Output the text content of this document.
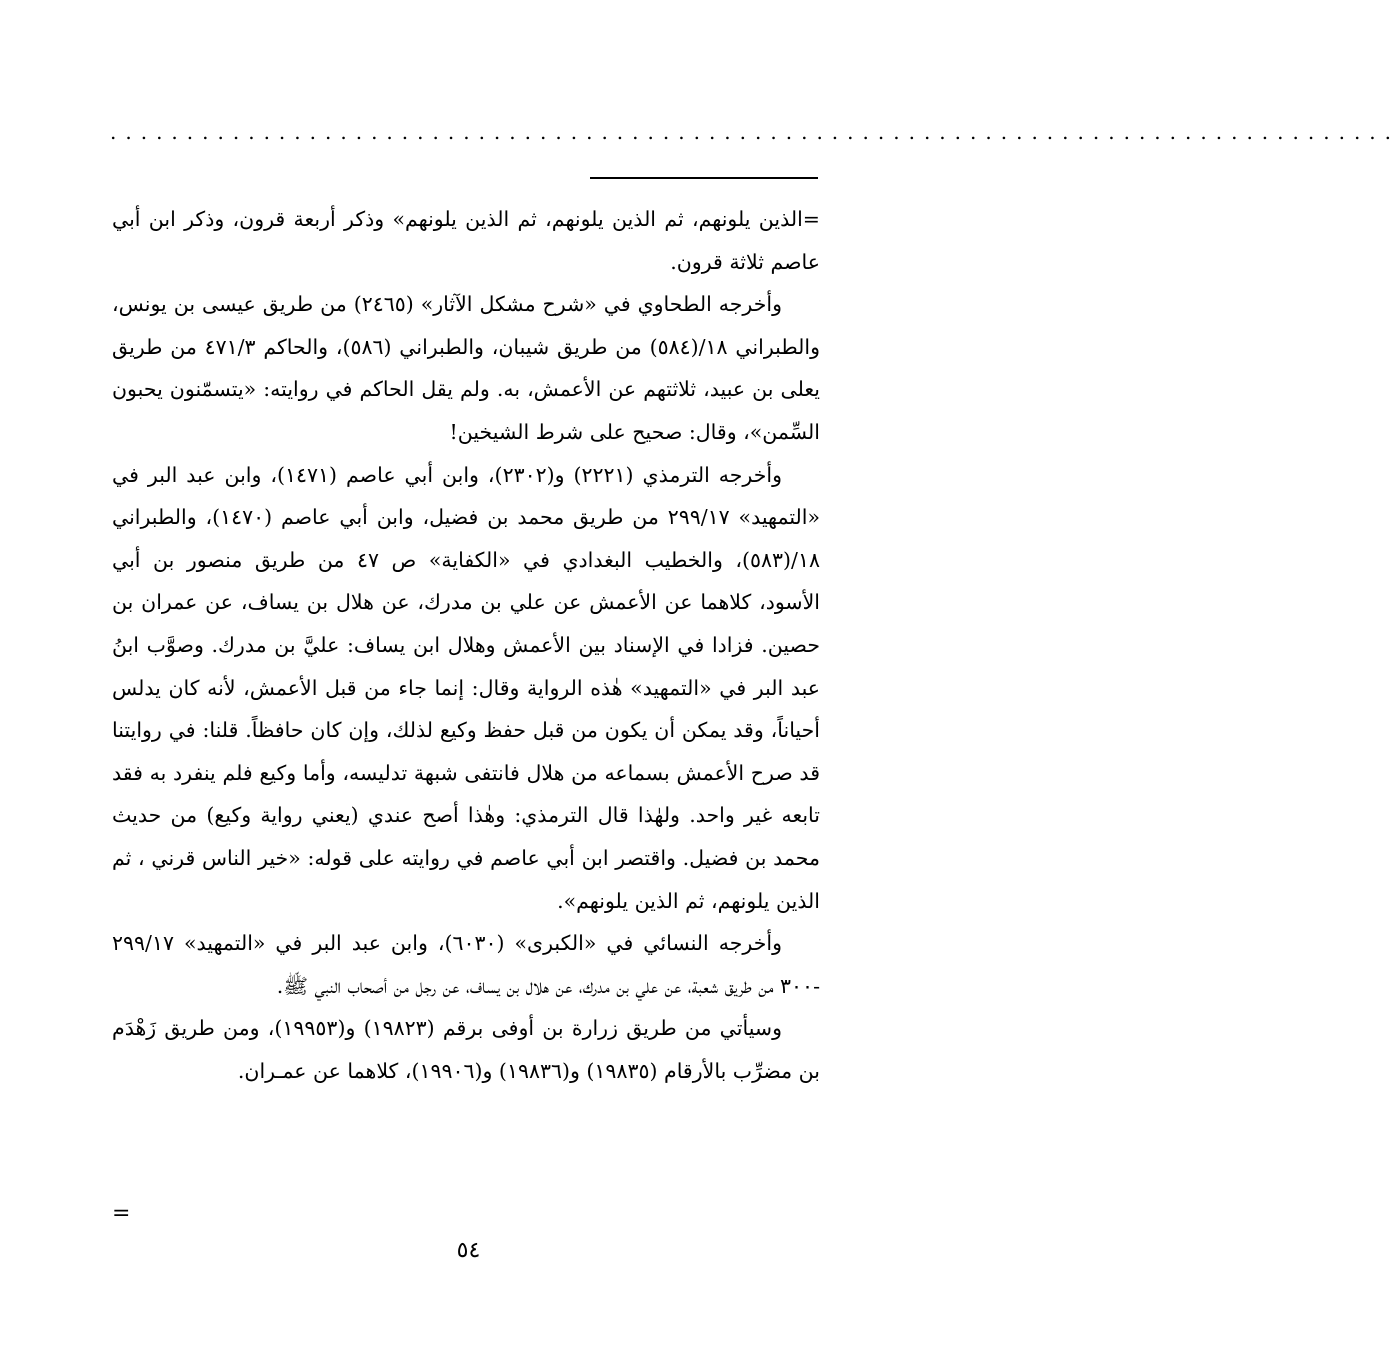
....................................................................................

=الذين يلونهم، ثم الذين يلونهم، ثم الذين يلونهم» وذكر أربعة قرون، وذكر ابن أبي عاصم ثلاثة قرون.

وأخرجه الطحاوي في «شرح مشكل الآثار» (٢٤٦٥) من طريق عيسى بن يونس، والطبراني ١٨/(٥٨٤) من طريق شيبان، والطبراني (٥٨٦)، والحاكم ٤٧١/٣ من طريق يعلى بن عبيد، ثلاثتهم عن الأعمش، به. ولم يقل الحاكم في روايته: «يتسمّنون يحبون السِّمن»، وقال: صحيح على شرط الشيخين!

وأخرجه الترمذي (٢٢٢١) و(٢٣٠٢)، وابن أبي عاصم (١٤٧١)، وابن عبد البر في «التمهيد» ٢٩٩/١٧ من طريق محمد بن فضيل، وابن أبي عاصم (١٤٧٠)، والطبراني ١٨/(٥٨٣)، والخطيب البغدادي في «الكفاية» ص ٤٧ من طريق منصور بن أبي الأسود، كلاهما عن الأعمش عن علي بن مدرك، عن هلال بن يساف، عن عمران بن حصين. فزادا في الإسناد بين الأعمش وهلال ابن يساف: عليَّ بن مدرك. وصوَّب ابنُ عبد البر في «التمهيد» هٰذه الرواية وقال: إنما جاء من قبل الأعمش، لأنه كان يدلس أحياناً، وقد يمكن أن يكون من قبل حفظ وكيع لذلك، وإن كان حافظاً. قلنا: في روايتنا قد صرح الأعمش بسماعه من هلال فانتفى شبهة تدليسه، وأما وكيع فلم ينفرد به فقد تابعه غير واحد. ولهٰذا قال الترمذي: وهٰذا أصح عندي (يعني رواية وكيع) من حديث محمد بن فضيل. واقتصر ابن أبي عاصم في روايته على قوله: «خير الناس قرني ، ثم الذين يلونهم، ثم الذين يلونهم».

وأخرجه النسائي في «الكبرى» (٦٠٣٠)، وابن عبد البر في «التمهيد» ٢٩٩/١٧ -٣٠٠ من طريق شعبة، عن علي بن مدرك، عن هلال بن يساف، عن رجل من أصحاب النبي ﷺ.

وسيأتي من طريق زرارة بن أوفى برقم (١٩٨٢٣) و(١٩٩٥٣)، ومن طريق زَهْدَم بن مضرِّب بالأرقام (١٩٨٣٥) و(١٩٨٣٦) و(١٩٩٠٦)، كلاهما عن عمـران.

=
٥٤
